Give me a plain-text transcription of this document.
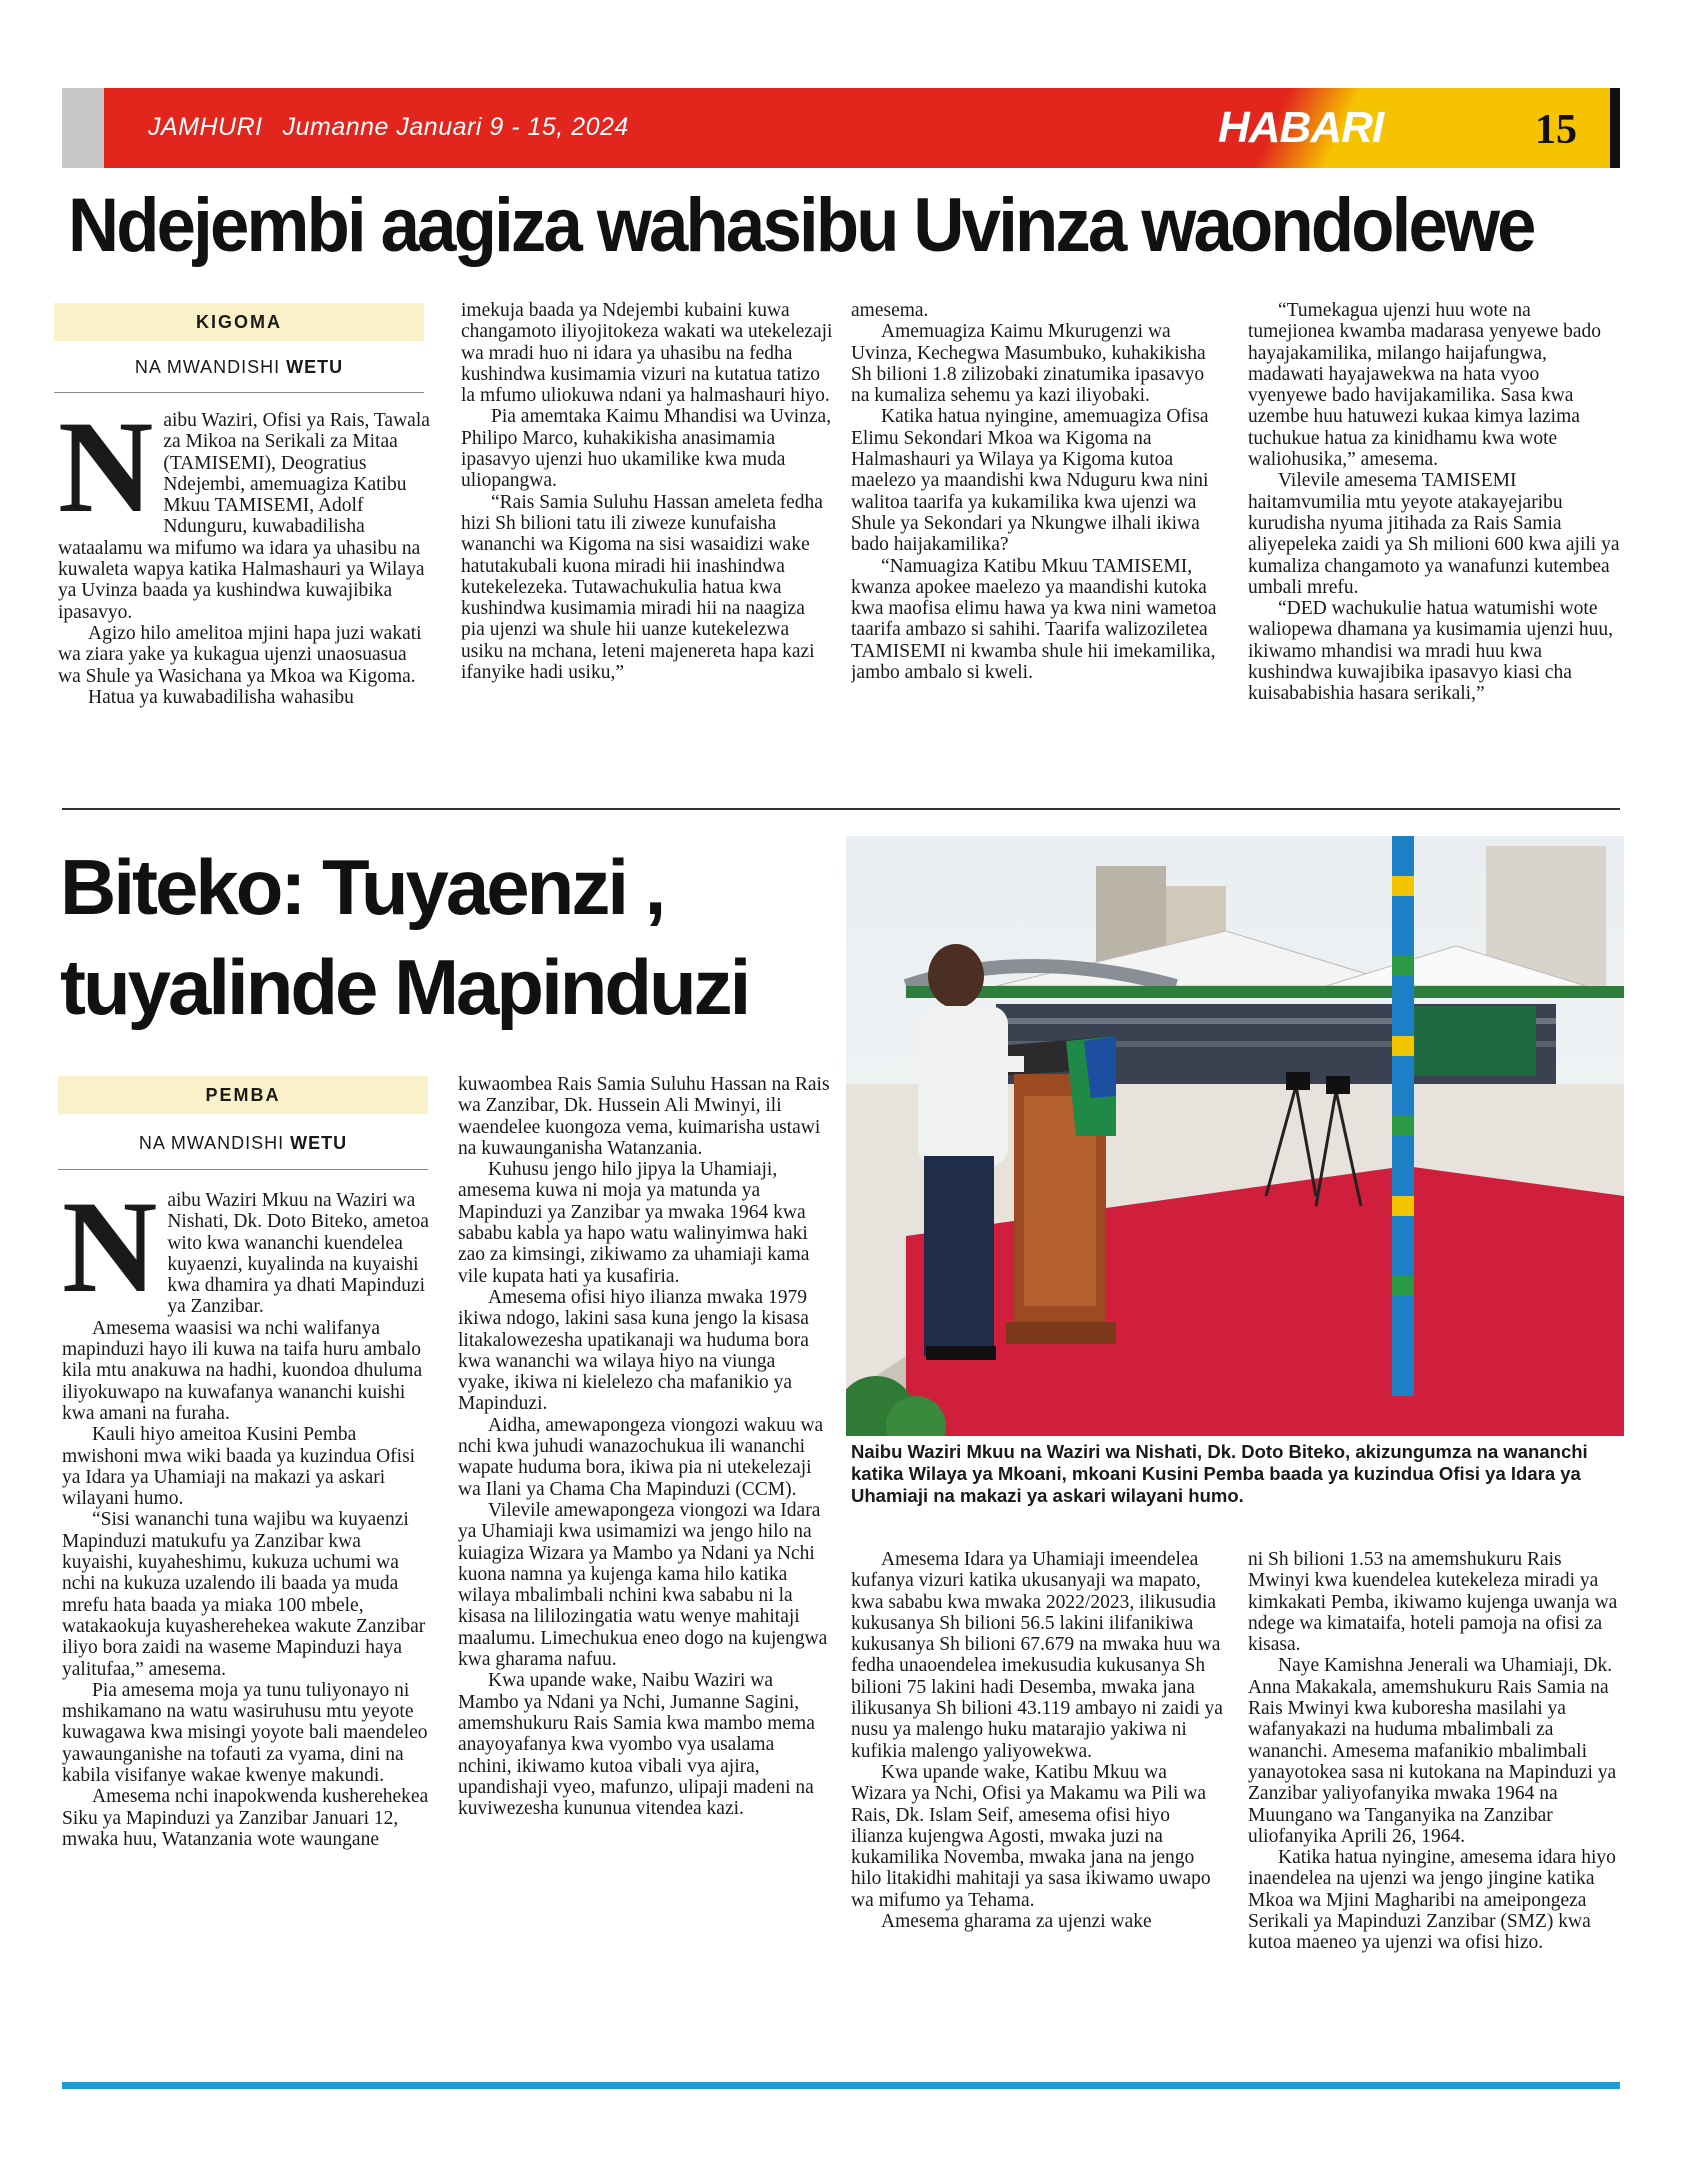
JAMHURI Jumanne Januari 9 - 15, 2024	HABARI	15
Ndejembi aagiza wahasibu Uvinza waondolewe
KIGOMA
NA MWANDISHI WETU
N aibu Waziri, Ofisi ya Rais, Tawala za Mikoa na Serikali za Mitaa (TAMISEMI), Deogratius Ndejembi, amemuagiza Katibu Mkuu TAMISEMI, Adolf Ndunguru, kuwabadilisha wataalamu wa mifumo wa idara ya uhasibu na kuwaleta wapya katika Halmashauri ya Wilaya ya Uvinza baada ya kushindwa kuwajibika ipasavyo.

Agizo hilo amelitoa mjini hapa juzi wakati wa ziara yake ya kukagua ujenzi unaosuasua wa Shule ya Wasichana ya Mkoa wa Kigoma.

Hatua ya kuwabadilisha wahasibu

imekuja baada ya Ndejembi kubaini kuwa changamoto iliyojitokeza wakati wa utekelezaji wa mradi huo ni idara ya uhasibu na fedha kushindwa kusimamia vizuri na kutatua tatizo la mfumo uliokuwa ndani ya halmashauri hiyo.

Pia amemtaka Kaimu Mhandisi wa Uvinza, Philipo Marco, kuhakikisha anasimamia ipasavyo ujenzi huo ukamilike kwa muda uliopangwa.

“Rais Samia Suluhu Hassan ameleta fedha hizi Sh bilioni tatu ili ziweze kunufaisha wananchi wa Kigoma na sisi wasaidizi wake hatutakubali kuona miradi hii inashindwa kutekelezeka. Tutawachukulia hatua kwa kushindwa kusimamia miradi hii na naagiza pia ujenzi wa shule hii uanze kutekelezwa usiku na mchana, leteni majenereta hapa kazi ifanyike hadi usiku,”

amesema.

Amemuagiza Kaimu Mkurugenzi wa Uvinza, Kechegwa Masumbuko, kuhakikisha Sh bilioni 1.8 zilizobaki zinatumika ipasavyo na kumaliza sehemu ya kazi iliyobaki.

Katika hatua nyingine, amemuagiza Ofisa Elimu Sekondari Mkoa wa Kigoma na Halmashauri ya Wilaya ya Kigoma kutoa maelezo ya maandishi kwa Nduguru kwa nini walitoa taarifa ya kukamilika kwa ujenzi wa Shule ya Sekondari ya Nkungwe ilhali ikiwa bado haijakamilika?

“Namuagiza Katibu Mkuu TAMISEMI, kwanza apokee maelezo ya maandishi kutoka kwa maofisa elimu hawa ya kwa nini wametoa taarifa ambazo si sahihi. Taarifa walizoziletea TAMISEMI ni kwamba shule hii imekamilika, jambo ambalo si kweli.

“Tumekagua ujenzi huu wote na tumejionea kwamba madarasa yenyewe bado hayajakamilika, milango haijafungwa, madawati hayajawekwa na hata vyoo vyenyewe bado havijakamilika. Sasa kwa uzembe huu hatuwezi kukaa kimya lazima tuchukue hatua za kinidhamu kwa wote waliohusika,” amesema.

Vilevile amesema TAMISEMI haitamvumilia mtu yeyote atakayejaribu kurudisha nyuma jitihada za Rais Samia aliyepeleka zaidi ya Sh milioni 600 kwa ajili ya kumaliza changamoto ya wanafunzi kutembea umbali mrefu.

“DED wachukulie hatua watumishi wote waliopewa dhamana ya kusimamia ujenzi huu, ikiwamo mhandisi wa mradi huu kwa kushindwa kuwajibika ipasavyo kiasi cha kuisababishia hasara serikali,”

Biteko: Tuyaenzi ,
tuyalinde Mapinduzi
PEMBA
NA MWANDISHI WETU
N aibu Waziri Mkuu na Waziri wa Nishati, Dk. Doto Biteko, ametoa wito kwa wananchi kuendelea kuyaenzi, kuyalinda na kuyaishi kwa dhamira ya dhati Mapinduzi ya Zanzibar.

Amesema waasisi wa nchi walifanya mapinduzi hayo ili kuwa na taifa huru ambalo kila mtu anakuwa na hadhi, kuondoa dhuluma iliyokuwapo na kuwafanya wananchi kuishi kwa amani na furaha.

Kauli hiyo ameitoa Kusini Pemba mwishoni mwa wiki baada ya kuzindua Ofisi ya Idara ya Uhamiaji na makazi ya askari wilayani humo.

“Sisi wananchi tuna wajibu wa kuyaenzi Mapinduzi matukufu ya Zanzibar kwa kuyaishi, kuyaheshimu, kukuza uchumi wa nchi na kukuza uzalendo ili baada ya muda mrefu hata baada ya miaka 100 mbele, watakaokuja kuyasherehekea wakute Zanzibar iliyo bora zaidi na waseme Mapinduzi haya yalitufaa,” amesema.

Pia amesema moja ya tunu tuliyonayo ni mshikamano na watu wasiruhusu mtu yeyote kuwagawa kwa misingi yoyote bali maendeleo yawaunganishe na tofauti za vyama, dini na kabila visifanye wakae kwenye makundi.

Amesema nchi inapokwenda kusherehekea Siku ya Mapinduzi ya Zanzibar Januari 12, mwaka huu, Watanzania wote waungane

kuwaombea Rais Samia Suluhu Hassan na Rais wa Zanzibar, Dk. Hussein Ali Mwinyi, ili waendelee kuongoza vema, kuimarisha ustawi na kuwaunganisha Watanzania.

Kuhusu jengo hilo jipya la Uhamiaji, amesema kuwa ni moja ya matunda ya Mapinduzi ya Zanzibar ya mwaka 1964 kwa sababu kabla ya hapo watu walinyimwa haki zao za kimsingi, zikiwamo za uhamiaji kama vile kupata hati ya kusafiria.

Amesema ofisi hiyo ilianza mwaka 1979 ikiwa ndogo, lakini sasa kuna jengo la kisasa litakalowezesha upatikanaji wa huduma bora kwa wananchi wa wilaya hiyo na viunga vyake, ikiwa ni kielelezo cha mafanikio ya Mapinduzi.

Aidha, amewapongeza viongozi wakuu wa nchi kwa juhudi wanazochukua ili wananchi wapate huduma bora, ikiwa pia ni utekelezaji wa Ilani ya Chama Cha Mapinduzi (CCM).

Vilevile amewapongeza viongozi wa Idara ya Uhamiaji kwa usimamizi wa jengo hilo na kuiagiza Wizara ya Mambo ya Ndani ya Nchi kuona namna ya kujenga kama hilo katika wilaya mbalimbali nchini kwa sababu ni la kisasa na lililozingatia watu wenye mahitaji maalumu. Limechukua eneo dogo na kujengwa kwa gharama nafuu.

Kwa upande wake, Naibu Waziri wa Mambo ya Ndani ya Nchi, Jumanne Sagini, amemshukuru Rais Samia kwa mambo mema anayoyafanya kwa vyombo vya usalama nchini, ikiwamo kutoa vibali vya ajira, upandishaji vyeo, mafunzo, ulipaji madeni na kuviwezesha kununua vitendea kazi.

Naibu Waziri Mkuu na Waziri wa Nishati, Dk. Doto Biteko, akizungumza na wananchi katika Wilaya ya Mkoani, mkoani Kusini Pemba baada ya kuzindua Ofisi ya Idara ya Uhamiaji na makazi ya askari wilayani humo.

Amesema Idara ya Uhamiaji imeendelea kufanya vizuri katika ukusanyaji wa mapato, kwa sababu kwa mwaka 2022/2023, ilikusudia kukusanya Sh bilioni 56.5 lakini ilifanikiwa kukusanya Sh bilioni 67.679 na mwaka huu wa fedha unaoendelea imekusudia kukusanya Sh bilioni 75 lakini hadi Desemba, mwaka jana ilikusanya Sh bilioni 43.119 ambayo ni zaidi ya nusu ya malengo huku matarajio yakiwa ni kufikia malengo yaliyowekwa.

Kwa upande wake, Katibu Mkuu wa Wizara ya Nchi, Ofisi ya Makamu wa Pili wa Rais, Dk. Islam Seif, amesema ofisi hiyo ilianza kujengwa Agosti, mwaka juzi na kukamilika Novemba, mwaka jana na jengo hilo litakidhi mahitaji ya sasa ikiwamo uwapo wa mifumo ya Tehama.

Amesema gharama za ujenzi wake

ni Sh bilioni 1.53 na amemshukuru Rais Mwinyi kwa kuendelea kutekeleza miradi ya kimkakati Pemba, ikiwamo kujenga uwanja wa ndege wa kimataifa, hoteli pamoja na ofisi za kisasa.

Naye Kamishna Jenerali wa Uhamiaji, Dk. Anna Makakala, amemshukuru Rais Samia na Rais Mwinyi kwa kuboresha masilahi ya wafanyakazi na huduma mbalimbali za wananchi. Amesema mafanikio mbalimbali yanayotokea sasa ni kutokana na Mapinduzi ya Zanzibar yaliyofanyika mwaka 1964 na Muungano wa Tanganyika na Zanzibar uliofanyika Aprili 26, 1964.

Katika hatua nyingine, amesema idara hiyo inaendelea na ujenzi wa jengo jingine katika Mkoa wa Mjini Magharibi na ameipongeza Serikali ya Mapinduzi Zanzibar (SMZ) kwa kutoa maeneo ya ujenzi wa ofisi hizo.
